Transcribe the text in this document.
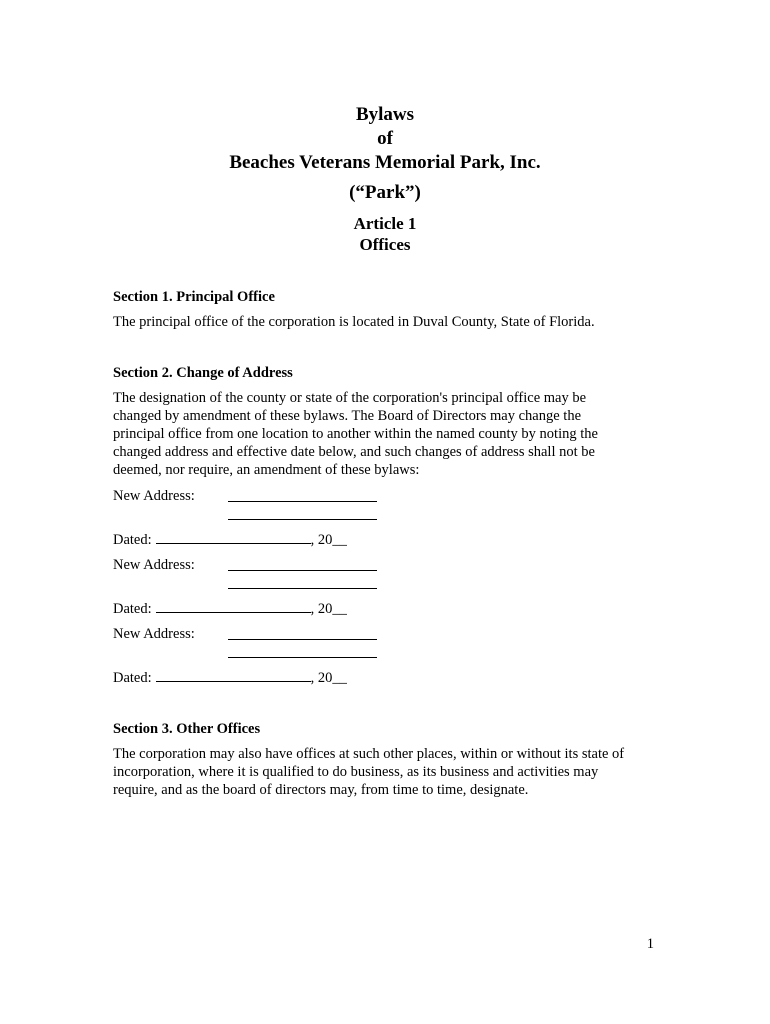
Bylaws
of
Beaches Veterans Memorial Park, Inc.
(“Park”)
Article 1
Offices
Section 1. Principal Office
The principal office of the corporation is located in Duval County, State of Florida.
Section 2. Change of Address
The designation of the county or state of the corporation's principal office may be
changed by amendment of these bylaws. The Board of Directors may change the
principal office from one location to another within the named county by noting the
changed address and effective date below, and such changes of address shall not be
deemed, nor require, an amendment of these bylaws:
New Address:
Dated:	, 20__
New Address:
Dated:	, 20__
New Address:
Dated:	, 20__
Section 3. Other Offices
The corporation may also have offices at such other places, within or without its state of
incorporation, where it is qualified to do business, as its business and activities may
require, and as the board of directors may, from time to time, designate.
1
